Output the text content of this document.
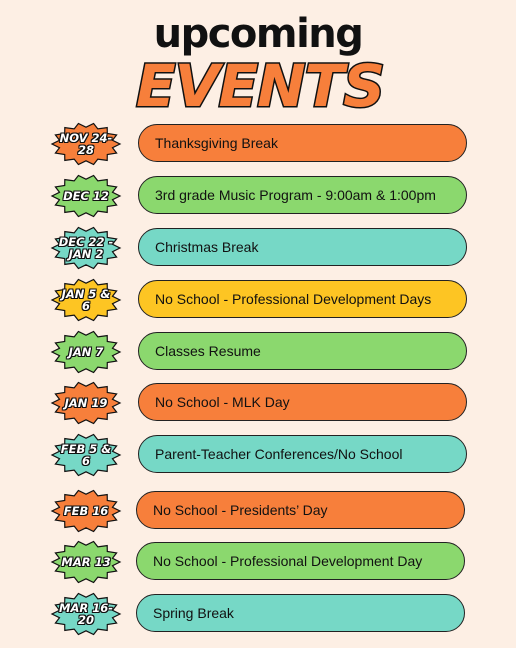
upcoming
EVENTS
NOV 24-28	Thanksgiving Break
DEC 12	3rd grade Music Program - 9:00am & 1:00pm
DEC 22 - JAN 2	Christmas Break
JAN 5 & 6	No School - Professional Development Days
JAN 7	Classes Resume
JAN 19	No School - MLK Day
FEB 5 & 6	Parent-Teacher Conferences/No School
FEB 16	No School - Presidents’ Day
MAR 13	No School - Professional Development Day
MAR 16-20	Spring Break
